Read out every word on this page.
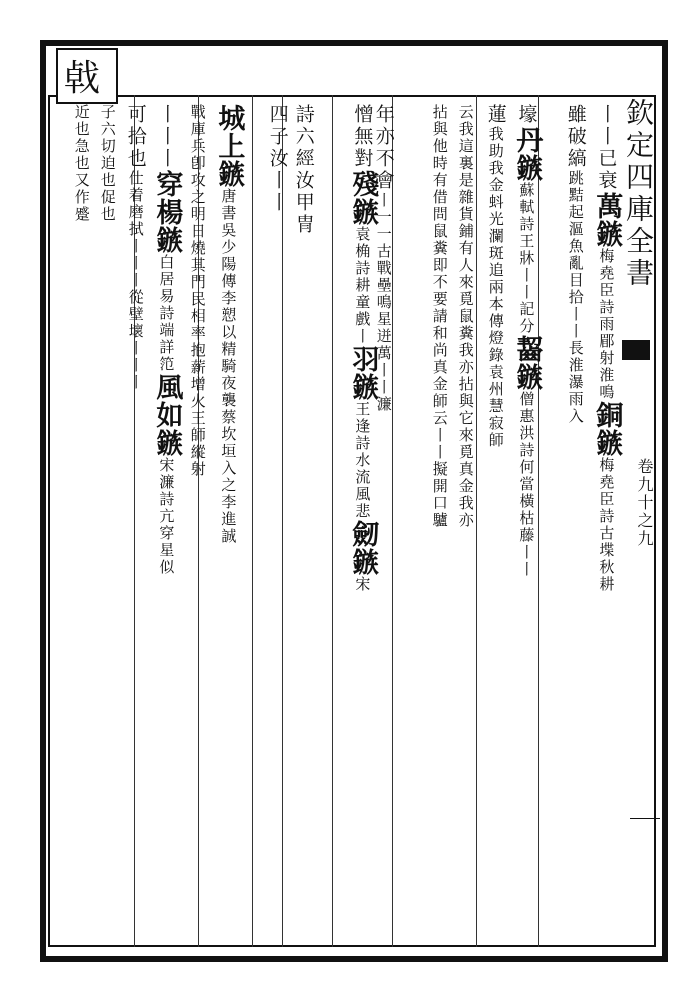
㦸
欽定四庫全書
卷九十之九
子六切迫也促也
近也急也又作蹙	丨丨丨穿楊鏃白居易詩端詳笵風如鏃宋濂詩亢穿星似
可拾也仕着磨拭丨丨丨從壁壞丨丨丨
城上鏃唐書吳少陽傳李愬以精騎夜襲蔡坎垣入之李進誠
戰庫兵卽攻之明日燒其門民相率抱薪增火王師縱射	四子汝丨丨 詩六經汝甲冑 憎無對殘鏃袁桷詩耕童戲丨羽鏃王逢詩水流風悲劒鏃宋
年亦不會丨一一古戰壘鳴星迸萬丨丨濂	拈與他時有借問鼠糞即不要請和尚真金師云丨丨擬開口驢 云我這裏是雜貨鋪有人來覓鼠糞我亦拈與它來覓真金我亦 蓮我助我金蚪光瀾斑追兩本傳燈錄袁州慧寂師
壕丹鏃蘇軾詩王牀丨丨記分齧鏃僧惠洪詩何當橫枯藤丨丨
雖破縞跳黠起漚魚亂目拾丨丨長淮瀑雨入
丨丨已衰萬鏃梅堯臣詩雨郿射淮鳴銅鏃梅堯臣詩古堞秋耕
